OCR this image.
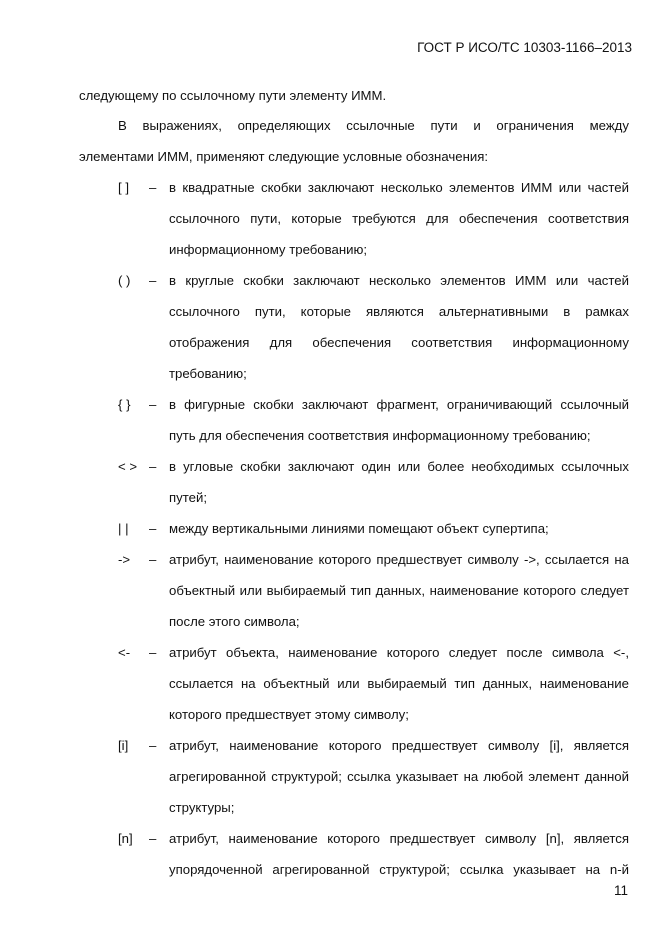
ГОСТ Р ИСО/ТС 10303-1166–2013
следующему по ссылочному пути элементу ИММ.
В выражениях, определяющих ссылочные пути и ограничения между
элементами ИММ, применяют следующие условные обозначения:
[ ] – в квадратные скобки заключают несколько элементов ИММ или частей
ссылочного пути, которые требуются для обеспечения соответствия
информационному требованию;
( ) – в круглые скобки заключают несколько элементов ИММ или частей
ссылочного пути, которые являются альтернативными в рамках
отображения для обеспечения соответствия информационному
требованию;
{ } – в фигурные скобки заключают фрагмент, ограничивающий ссылочный
путь для обеспечения соответствия информационному требованию;
< > – в угловые скобки заключают один или более необходимых ссылочных
путей;
| | – между вертикальными линиями помещают объект супертипа;
-> – атрибут, наименование которого предшествует символу ->, ссылается на
объектный или выбираемый тип данных, наименование которого следует
после этого символа;
<- – атрибут объекта, наименование которого следует после символа <-,
ссылается на объектный или выбираемый тип данных, наименование
которого предшествует этому символу;
[i] – атрибут, наименование которого предшествует символу [i], является
агрегированной структурой; ссылка указывает на любой элемент данной
структуры;
[n] – атрибут, наименование которого предшествует символу [n], является
упорядоченной агрегированной структурой; ссылка указывает на n-й
11
